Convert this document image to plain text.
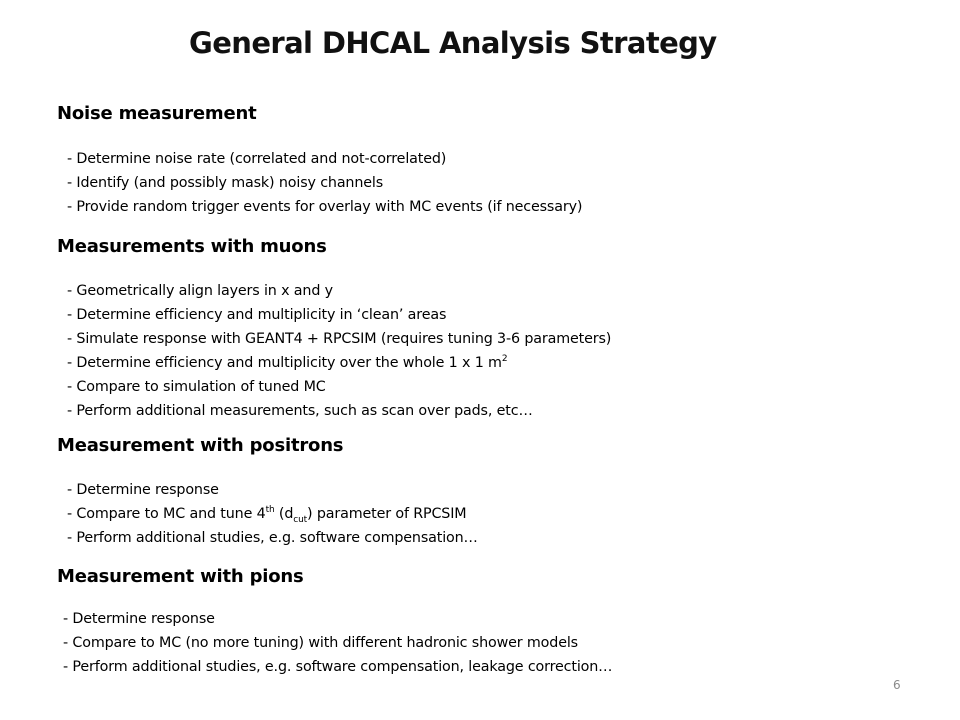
General DHCAL Analysis Strategy
Noise measurement
- Determine noise rate (correlated and not-correlated)
- Identify (and possibly mask) noisy channels
- Provide random trigger events for overlay with MC events (if necessary)
Measurements with muons
- Geometrically align layers in x and y
- Determine efficiency and multiplicity in ‘clean’ areas
- Simulate response with GEANT4 + RPCSIM (requires tuning 3-6 parameters)
- Determine efficiency and multiplicity over the whole 1 x 1 $m^2$
- Compare to simulation of tuned MC
- Perform additional measurements, such as scan over pads, etc…
Measurement with positrons
- Determine response
- Compare to MC and tune 4th $(d_{cut})$ parameter of RPCSIM
- Perform additional studies, e.g. software compensation…
Measurement with pions
- Determine response
- Compare to MC (no more tuning) with different hadronic shower models
- Perform additional studies, e.g. software compensation, leakage correction…
6
